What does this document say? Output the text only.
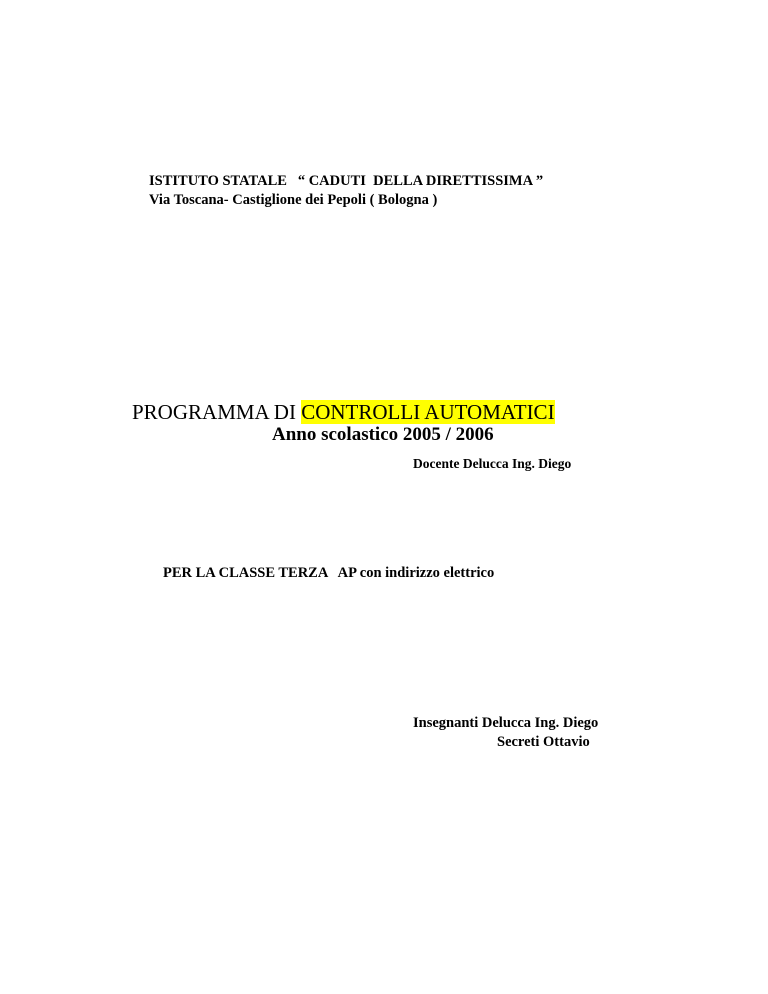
ISTITUTO STATALE   “ CADUTI  DELLA DIRETTISSIMA ”
Via Toscana- Castiglione dei Pepoli ( Bologna )
PROGRAMMA DI CONTROLLI AUTOMATICI
Anno scolastico 2005 / 2006
Docente Delucca Ing. Diego
PER LA CLASSE TERZA   AP con indirizzo elettrico
Insegnanti Delucca Ing. Diego
Secreti Ottavio
